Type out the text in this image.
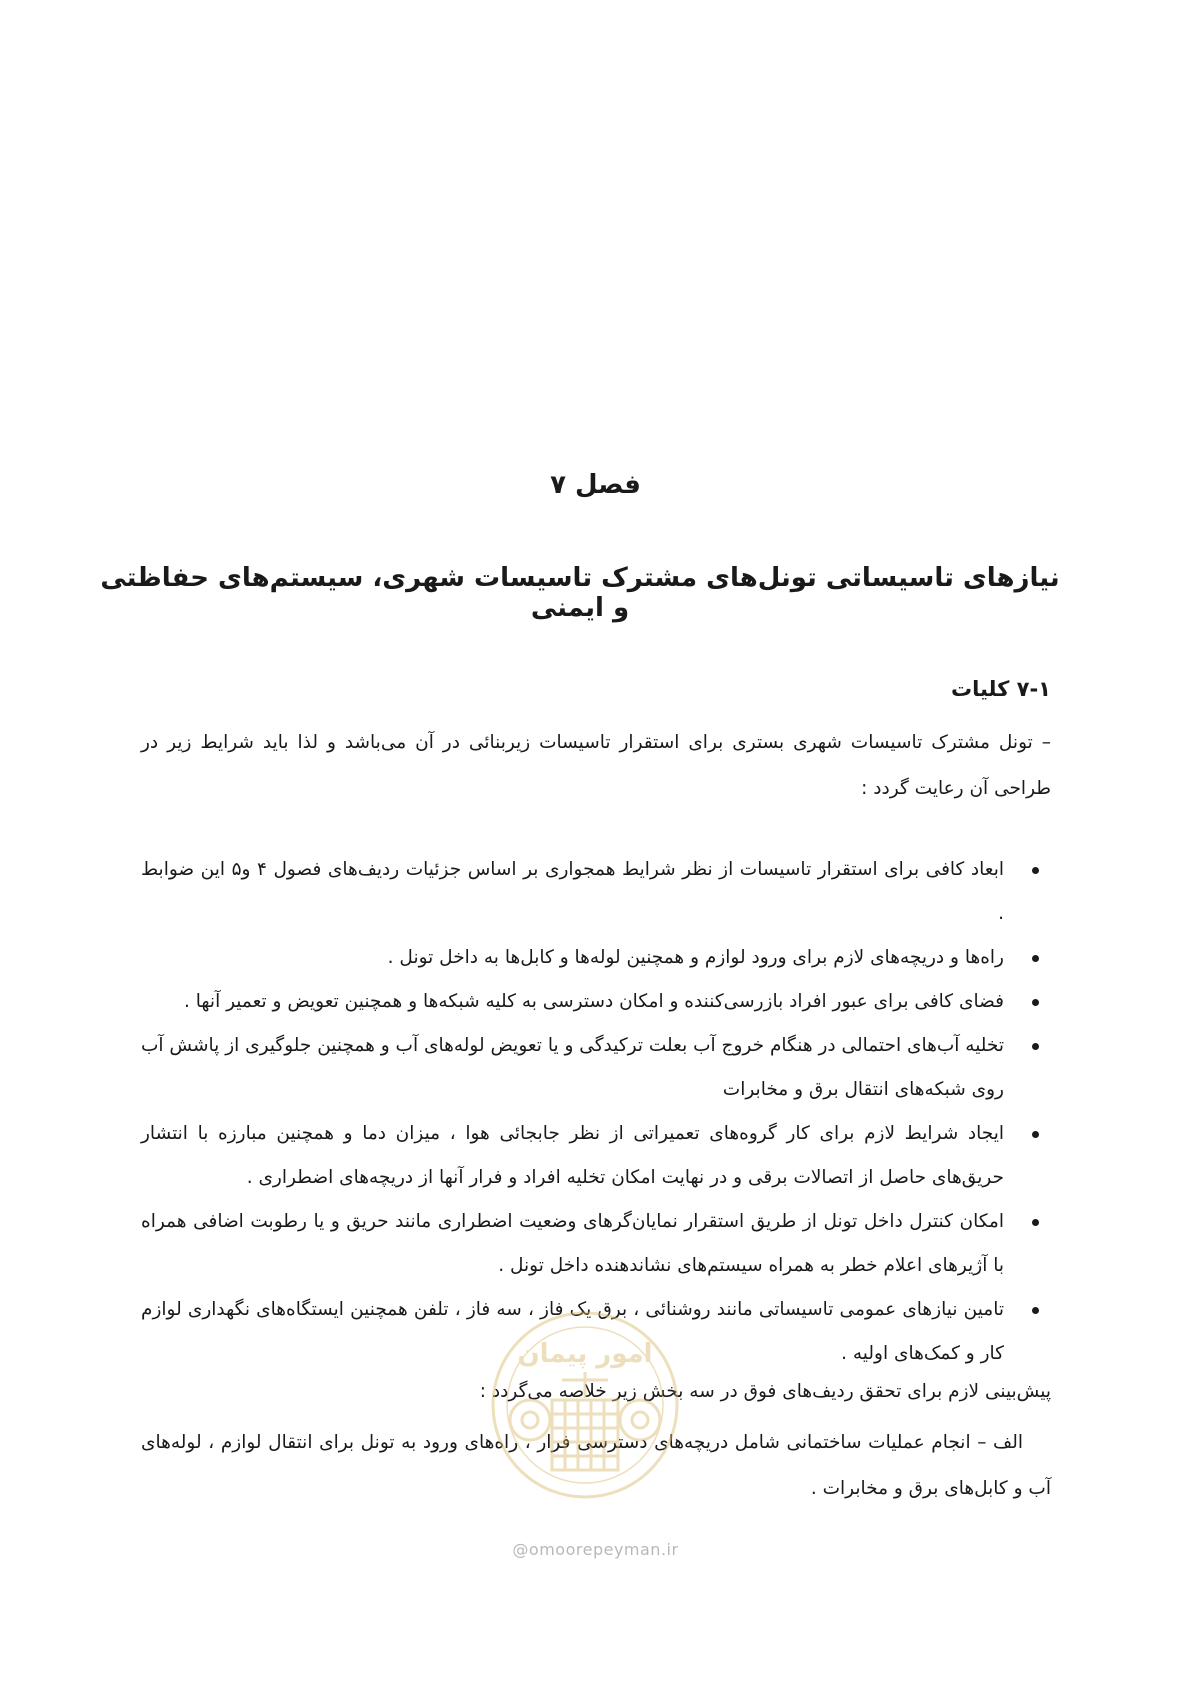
فصل ۷
نیازهای تاسیساتی تونل‌های مشترک تاسیسات شهری، سیستم‌های حفاظتی و ایمنی
۷-۱ کلیات
– تونل مشترک تاسیسات شهری بستری برای استقرار تاسیسات زیربنائی در آن می‌باشد و لذا باید شرایط زیر در طراحی آن رعایت گردد :
ابعاد کافی برای استقرار تاسیسات از نظر شرایط همجواری بر اساس جزئیات ردیف‌های فصول ۴ و۵ این ضوابط .
راه‌ها و دریچه‌های لازم برای ورود لوازم و همچنین لوله‌ها و کابل‌ها به داخل تونل .
فضای کافی برای عبور افراد بازرسی‌کننده و امکان دسترسی به کلیه شبکه‌ها و همچنین تعویض و تعمیر آنها .
تخلیه آب‌های احتمالی در هنگام خروج آب بعلت ترکیدگی و یا تعویض لوله‌های آب و همچنین جلوگیری از پاشش آب روی شبکه‌های انتقال برق و مخابرات
ایجاد شرایط لازم برای کار گروه‌های تعمیراتی از نظر جابجائی هوا ، میزان دما و همچنین مبارزه با انتشار حریق‌های حاصل از اتصالات برقی و در نهایت امکان تخلیه افراد و فرار آنها از دریچه‌های اضطراری .
امکان کنترل داخل تونل از طریق استقرار نمایان‌گرهای وضعیت اضطراری مانند حریق و یا رطوبت اضافی همراه با آژیرهای اعلام خطر به همراه سیستم‌های نشاندهنده داخل تونل .
تامین نیازهای عمومی تاسیساتی مانند روشنائی ، برق یک فاز ، سه فاز ، تلفن همچنین ایستگاه‌های نگهداری لوازم کار و کمک‌های اولیه .
پیش‌بینی لازم برای تحقق ردیف‌های فوق در سه بخش زیر خلاصه می‌گردد :
الف – انجام عملیات ساختمانی شامل دریچه‌های دسترسی فرار ، راه‌های ورود به تونل برای انتقال لوازم ، لوله‌های آب و کابل‌های برق و مخابرات .
امور پیمان
@omoorepeyman.ir
